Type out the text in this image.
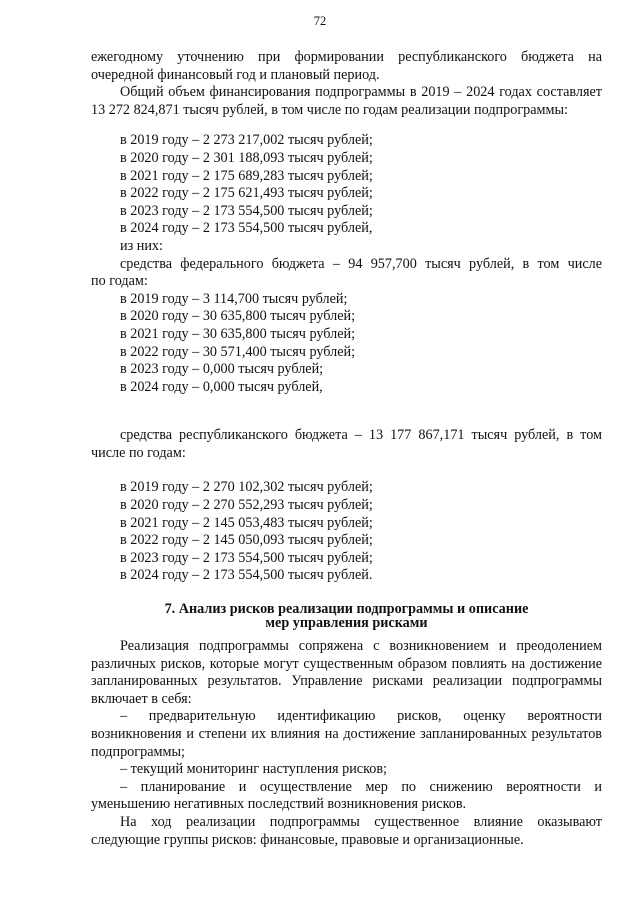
72

ежегодному уточнению при формировании республиканского бюджета на

очередной финансовый год и плановый период.

Общий объем финансирования подпрограммы в 2019 – 2024 годах составляет

13 272 824,871 тысяч рублей, в том числе по годам реализации подпрограммы:

в 2019 году – 2 273 217,002 тысяч рублей;

в 2020 году – 2 301 188,093 тысяч рублей;

в 2021 году – 2 175 689,283 тысяч рублей;

в 2022 году – 2 175 621,493 тысяч рублей;

в 2023 году – 2 173 554,500 тысяч рублей;

в 2024 году – 2 173 554,500 тысяч рублей,

из них:

средства федерального бюджета – 94 957,700 тысяч рублей, в том числе

по годам:

в 2019 году – 3 114,700 тысяч рублей;

в 2020 году – 30 635,800 тысяч рублей;

в 2021 году – 30 635,800 тысяч рублей;

в 2022 году – 30 571,400 тысяч рублей;

в 2023 году – 0,000 тысяч рублей;

в 2024 году – 0,000 тысяч рублей,

средства республиканского бюджета – 13 177 867,171 тысяч рублей, в том

числе по годам:

в 2019 году – 2 270 102,302 тысяч рублей;

в 2020 году – 2 270 552,293 тысяч рублей;

в 2021 году – 2 145 053,483 тысяч рублей;

в 2022 году – 2 145 050,093 тысяч рублей;

в 2023 году – 2 173 554,500 тысяч рублей;

в 2024 году – 2 173 554,500 тысяч рублей.

7. Анализ рисков реализации подпрограммы и описание

мер управления рисками

Реализация подпрограммы сопряжена с возникновением и преодолением различных рисков, которые могут существенным образом повлиять на достижение запланированных результатов. Управление рисками реализации подпрограммы включает в себя:

– предварительную идентификацию рисков, оценку вероятности возникновения и степени их влияния на достижение запланированных результатов подпрограммы;

– текущий мониторинг наступления рисков;

– планирование и осуществление мер по снижению вероятности и уменьшению негативных последствий возникновения рисков.

На ход реализации подпрограммы существенное влияние оказывают следующие группы рисков: финансовые, правовые и организационные.
